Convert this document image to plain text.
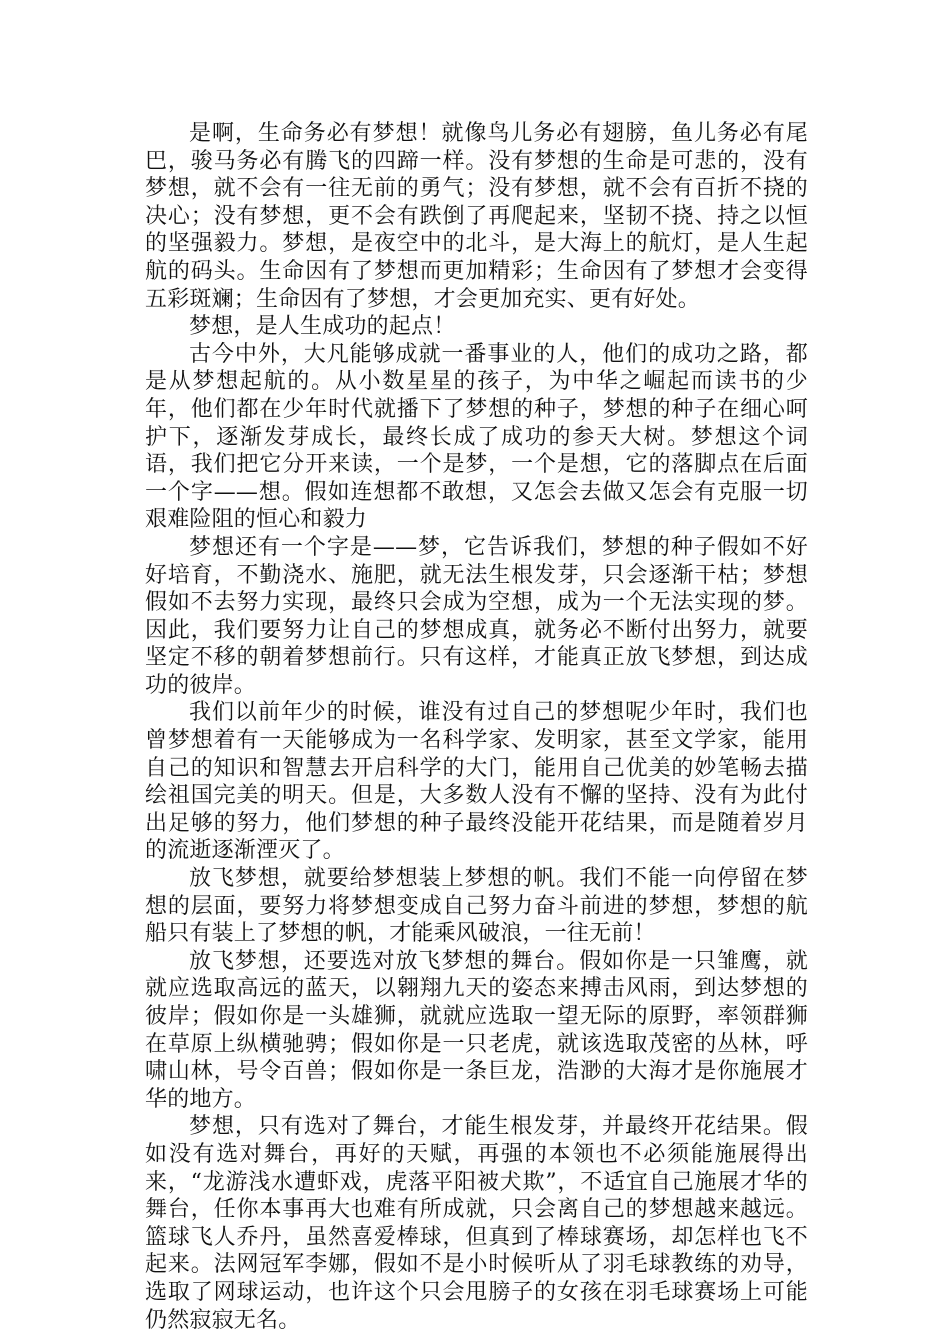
是啊，生命务必有梦想！就像鸟儿务必有翅膀，鱼儿务必有尾巴，骏马务必有腾飞的四蹄一样。没有梦想的生命是可悲的，没有梦想，就不会有一往无前的勇气；没有梦想，就不会有百折不挠的决心；没有梦想，更不会有跌倒了再爬起来，坚韧不挠、持之以恒的坚强毅力。梦想，是夜空中的北斗，是大海上的航灯，是人生起航的码头。生命因有了梦想而更加精彩；生命因有了梦想才会变得五彩斑斓；生命因有了梦想，才会更加充实、更有好处。

梦想，是人生成功的起点！

古今中外，大凡能够成就一番事业的人，他们的成功之路，都是从梦想起航的。从小数星星的孩子，为中华之崛起而读书的少年，他们都在少年时代就播下了梦想的种子，梦想的种子在细心呵护下，逐渐发芽成长，最终长成了成功的参天大树。梦想这个词语，我们把它分开来读，一个是梦，一个是想，它的落脚点在后面一个字——想。假如连想都不敢想，又怎会去做又怎会有克服一切艰难险阻的恒心和毅力

梦想还有一个字是——梦，它告诉我们，梦想的种子假如不好好培育，不勤浇水、施肥，就无法生根发芽，只会逐渐干枯；梦想假如不去努力实现，最终只会成为空想，成为一个无法实现的梦。因此，我们要努力让自己的梦想成真，就务必不断付出努力，就要坚定不移的朝着梦想前行。只有这样，才能真正放飞梦想，到达成功的彼岸。

我们以前年少的时候，谁没有过自己的梦想呢少年时，我们也曾梦想着有一天能够成为一名科学家、发明家，甚至文学家，能用自己的知识和智慧去开启科学的大门，能用自己优美的妙笔畅去描绘祖国完美的明天。但是，大多数人没有不懈的坚持、没有为此付出足够的努力，他们梦想的种子最终没能开花结果，而是随着岁月的流逝逐渐湮灭了。

放飞梦想，就要给梦想装上梦想的帆。我们不能一向停留在梦想的层面，要努力将梦想变成自己努力奋斗前进的梦想，梦想的航船只有装上了梦想的帆，才能乘风破浪，一往无前！

放飞梦想，还要选对放飞梦想的舞台。假如你是一只雏鹰，就就应选取高远的蓝天，以翱翔九天的姿态来搏击风雨，到达梦想的彼岸；假如你是一头雄狮，就就应选取一望无际的原野，率领群狮在草原上纵横驰骋；假如你是一只老虎，就该选取茂密的丛林，呼啸山林，号令百兽；假如你是一条巨龙，浩渺的大海才是你施展才华的地方。

梦想，只有选对了舞台，才能生根发芽，并最终开花结果。假如没有选对舞台，再好的天赋，再强的本领也不必须能施展得出来，“龙游浅水遭虾戏，虎落平阳被犬欺”，不适宜自己施展才华的舞台，任你本事再大也难有所成就，只会离自己的梦想越来越远。篮球飞人乔丹，虽然喜爱棒球，但真到了棒球赛场，却怎样也飞不起来。法网冠军李娜，假如不是小时候听从了羽毛球教练的劝导，选取了网球运动，也许这个只会甩膀子的女孩在羽毛球赛场上可能仍然寂寂无名。
